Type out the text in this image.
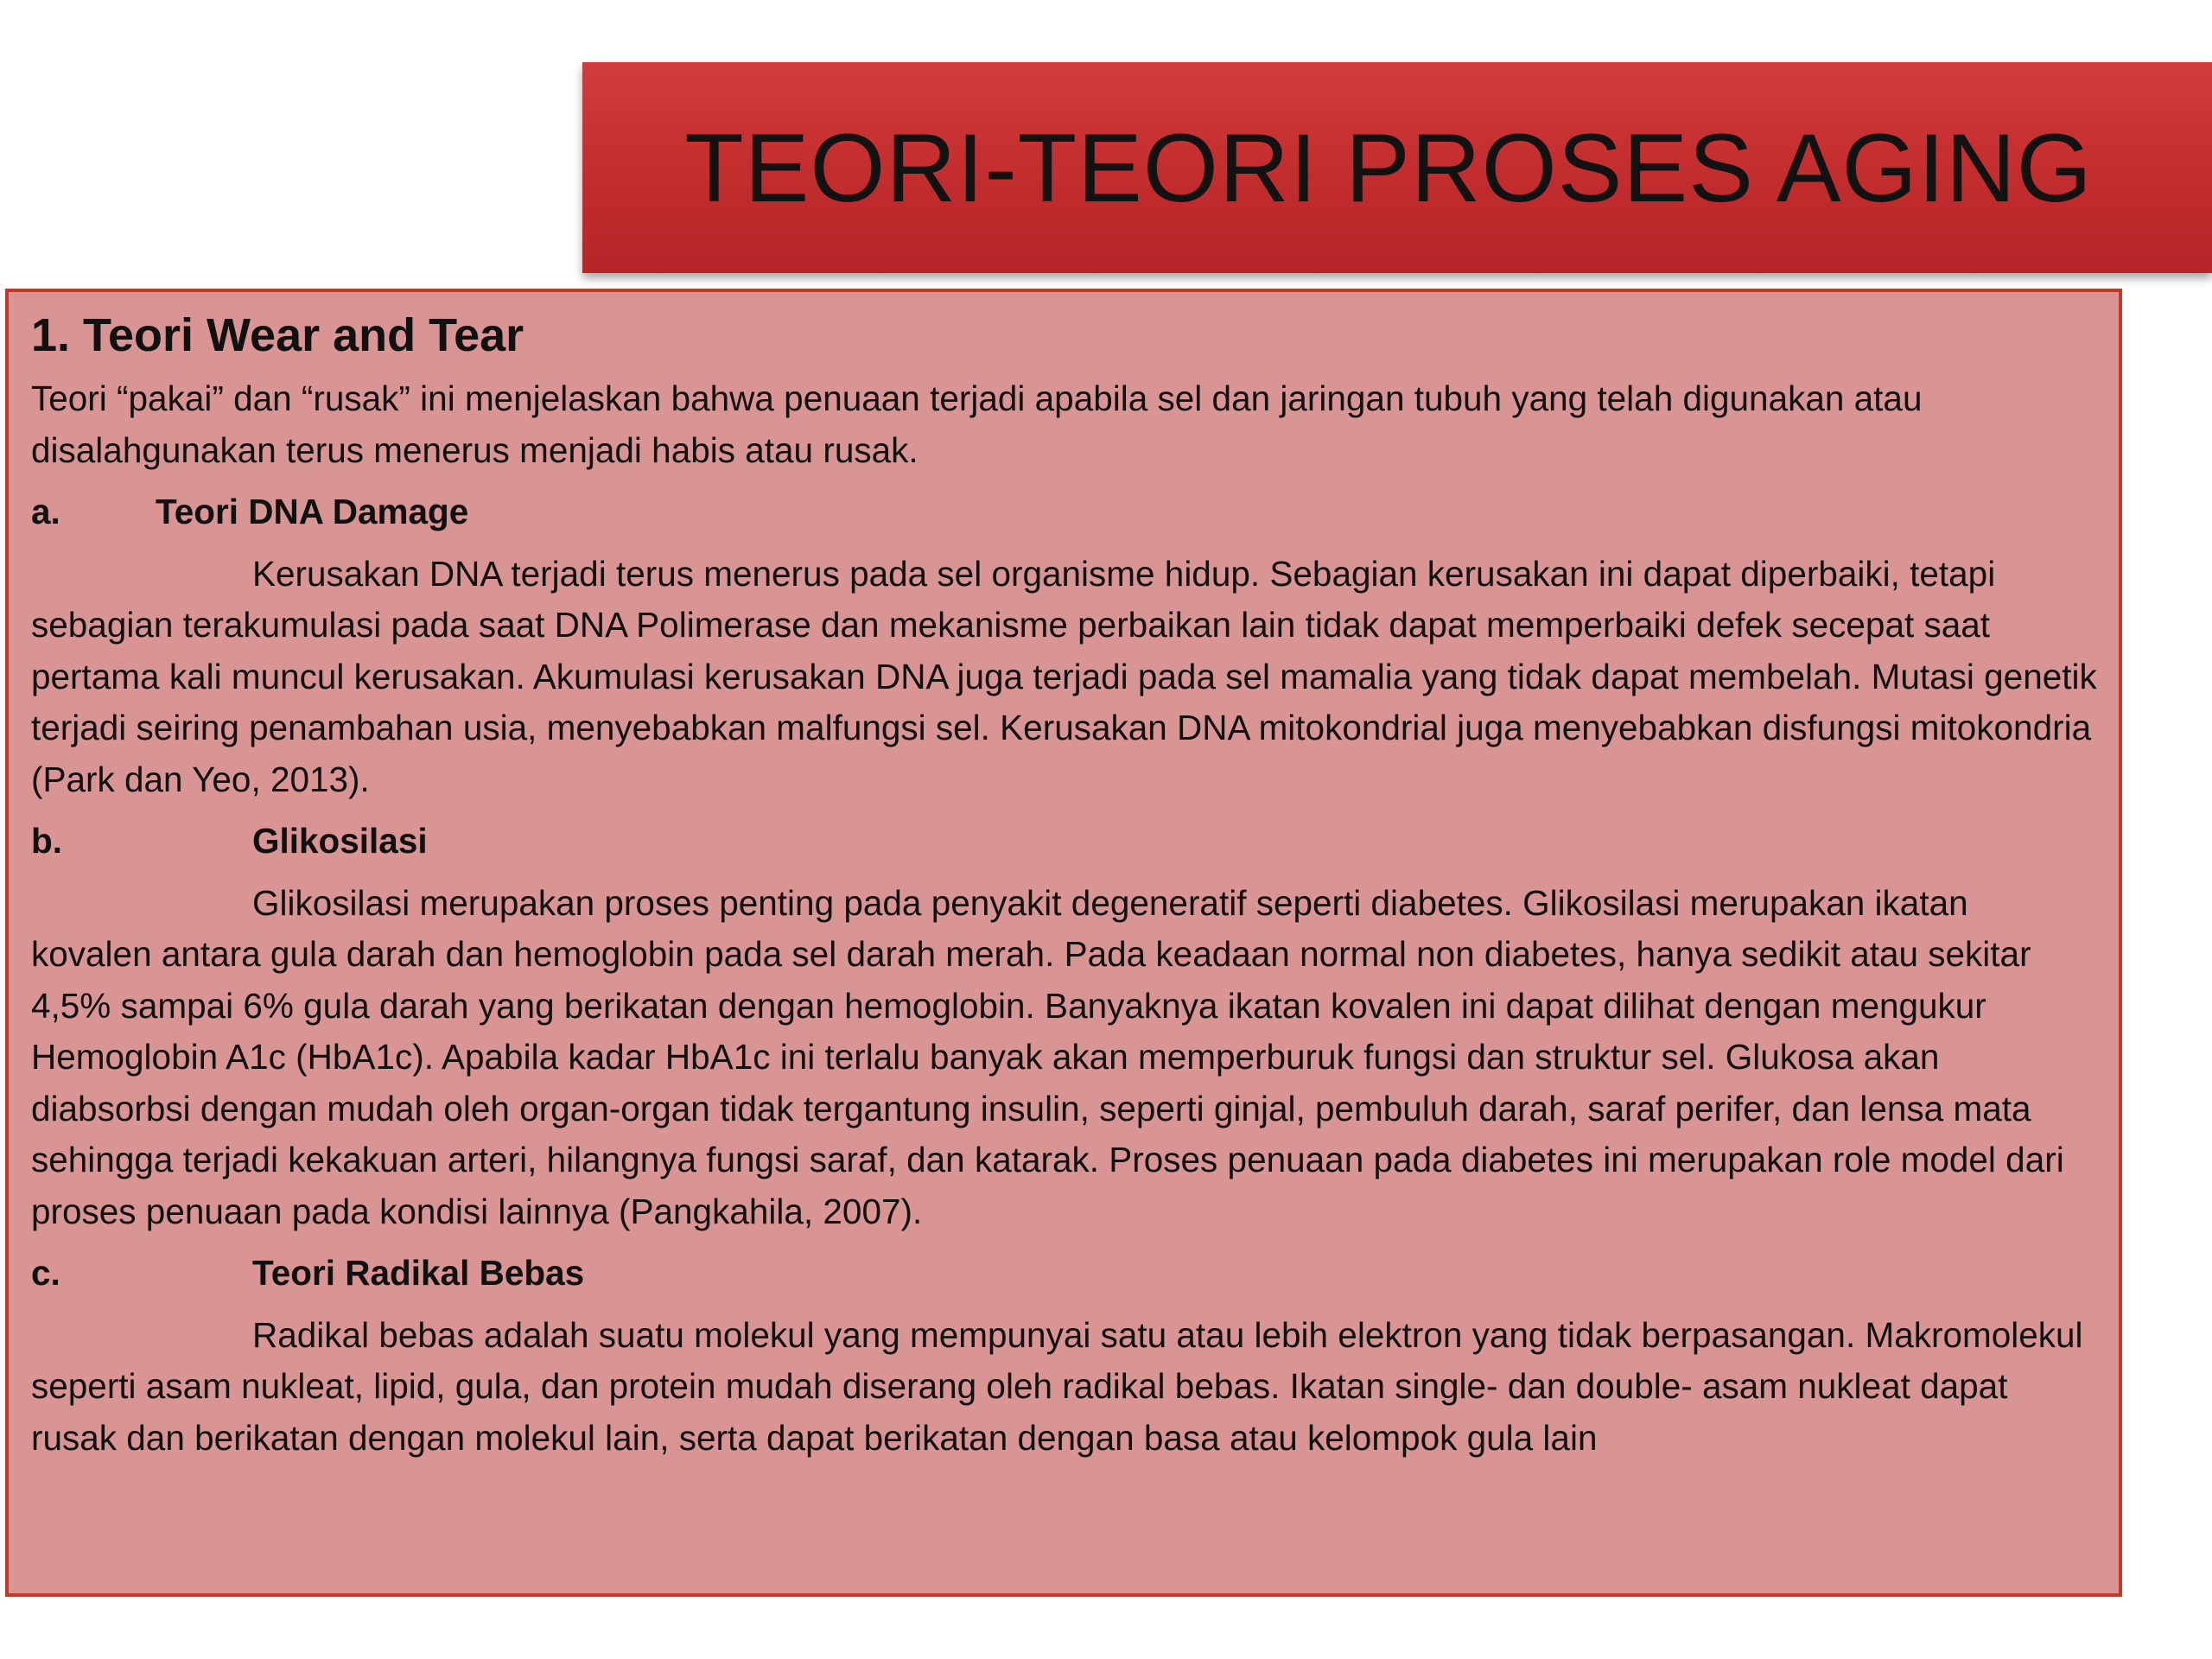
TEORI-TEORI PROSES AGING
1. Teori Wear and Tear

Teori “pakai” dan “rusak” ini menjelaskan bahwa penuaan terjadi apabila sel dan jaringan tubuh yang telah digunakan atau disalahgunakan terus menerus menjadi habis atau rusak.

a.	Teori DNA Damage

Kerusakan DNA terjadi terus menerus pada sel organisme hidup. Sebagian kerusakan ini dapat diperbaiki, tetapi sebagian terakumulasi pada saat DNA Polimerase dan mekanisme perbaikan lain tidak dapat memperbaiki defek secepat saat pertama kali muncul kerusakan. Akumulasi kerusakan DNA juga terjadi pada sel mamalia yang tidak dapat membelah. Mutasi genetik terjadi seiring penambahan usia, menyebabkan malfungsi sel. Kerusakan DNA mitokondrial juga menyebabkan disfungsi mitokondria (Park dan Yeo, 2013).

b.	Glikosilasi

Glikosilasi merupakan proses penting pada penyakit degeneratif seperti diabetes. Glikosilasi merupakan ikatan kovalen antara gula darah dan hemoglobin pada sel darah merah. Pada keadaan normal non diabetes, hanya sedikit atau sekitar 4,5% sampai 6% gula darah yang berikatan dengan hemoglobin. Banyaknya ikatan kovalen ini dapat dilihat dengan mengukur Hemoglobin A1c (HbA1c). Apabila kadar HbA1c ini terlalu banyak akan memperburuk fungsi dan struktur sel. Glukosa akan diabsorbsi dengan mudah oleh organ-organ tidak tergantung insulin, seperti ginjal, pembuluh darah, saraf perifer, dan lensa mata sehingga terjadi kekakuan arteri, hilangnya fungsi saraf, dan katarak. Proses penuaan pada diabetes ini merupakan role model dari proses penuaan pada kondisi lainnya (Pangkahila, 2007).

c.	Teori Radikal Bebas

Radikal bebas adalah suatu molekul yang mempunyai satu atau lebih elektron yang tidak berpasangan. Makromolekul seperti asam nukleat, lipid, gula, dan protein mudah diserang oleh radikal bebas. Ikatan single- dan double- asam nukleat dapat rusak dan berikatan dengan molekul lain, serta dapat berikatan dengan basa atau kelompok gula lain
